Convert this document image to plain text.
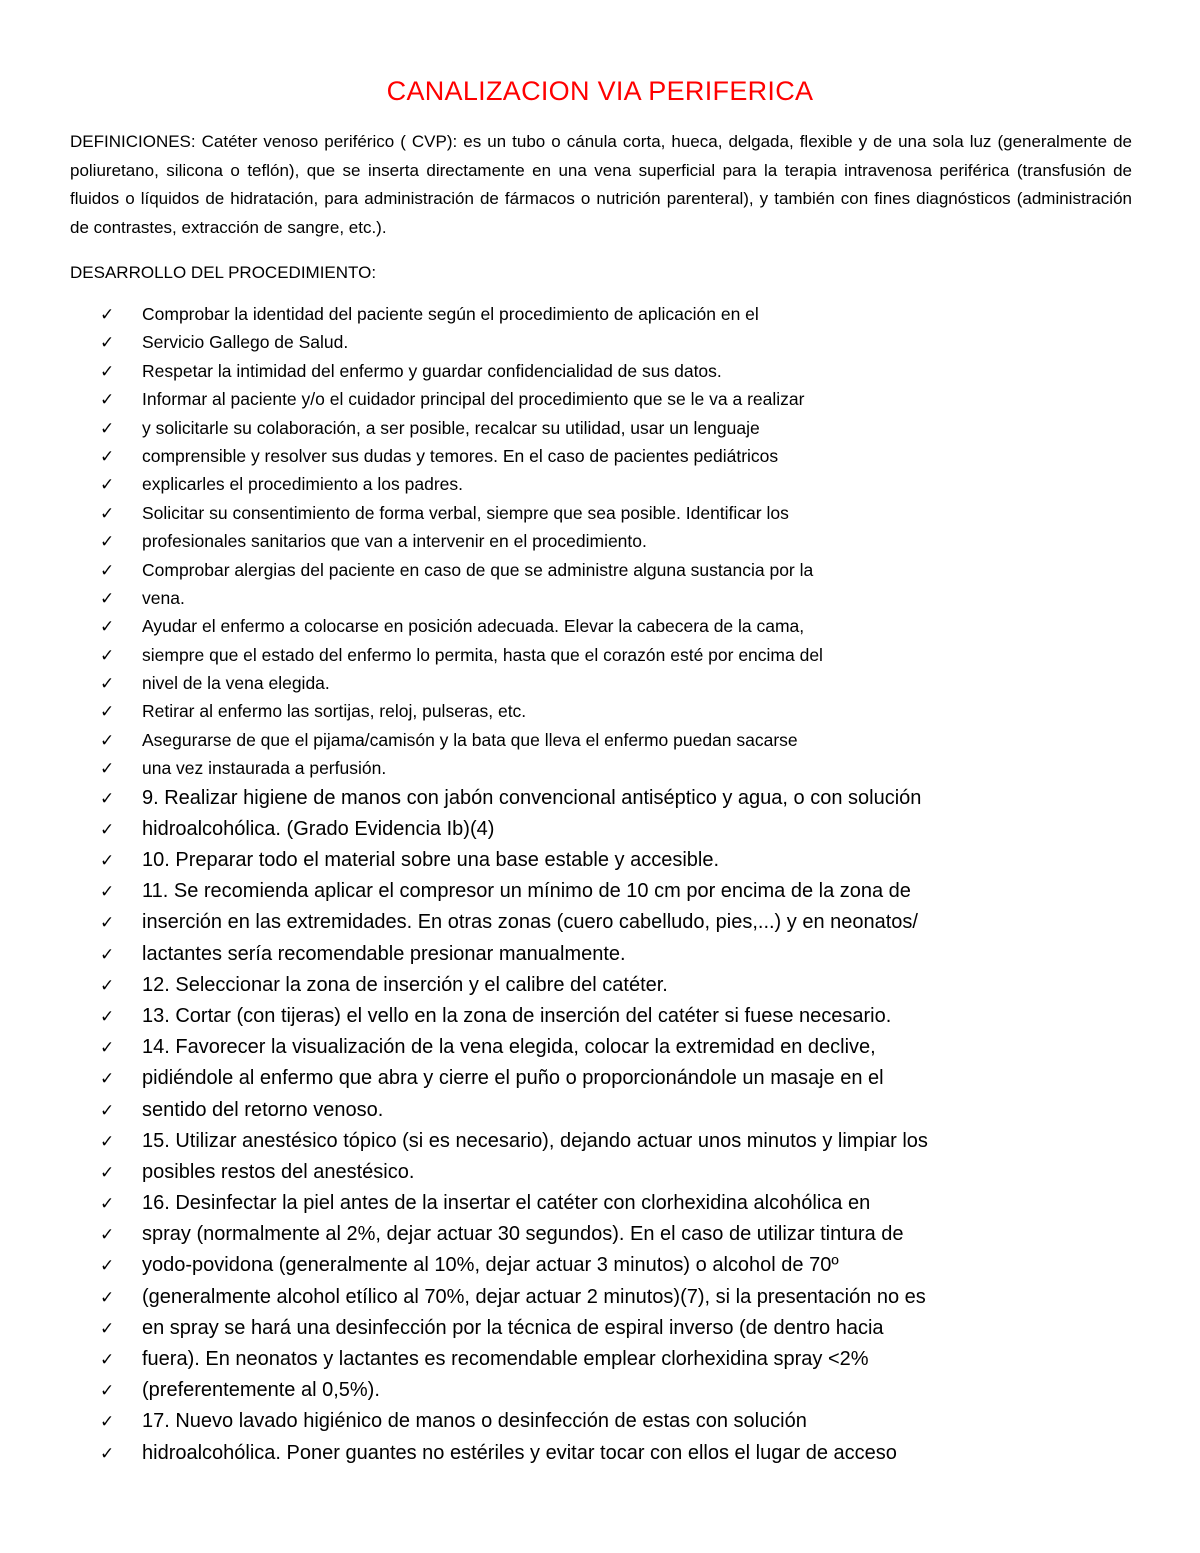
CANALIZACION VIA PERIFERICA
DEFINICIONES: Catéter venoso periférico ( CVP): es un tubo o cánula corta, hueca, delgada, flexible y de una sola luz (generalmente de poliuretano, silicona o teflón), que se inserta directamente en una vena superficial para la terapia intravenosa periférica (transfusión de fluidos o líquidos de hidratación, para administración de fármacos o nutrición parenteral), y también con fines diagnósticos (administración de contrastes, extracción de sangre, etc.).
DESARROLLO DEL PROCEDIMIENTO:
✓	Comprobar la identidad del paciente según el procedimiento de aplicación en el
✓	Servicio Gallego de Salud.
✓	Respetar la intimidad del enfermo y guardar confidencialidad de sus datos.
✓	Informar al paciente y/o el cuidador principal del procedimiento que se le va a realizar
✓	y solicitarle su colaboración, a ser posible, recalcar su utilidad, usar un lenguaje
✓	comprensible y resolver sus dudas y temores. En el caso de pacientes pediátricos
✓	explicarles el procedimiento a los padres.
✓	Solicitar su consentimiento de forma verbal, siempre que sea posible. Identificar los
✓	profesionales sanitarios que van a intervenir en el procedimiento.
✓	Comprobar alergias del paciente en caso de que se administre alguna sustancia por la
✓	vena.
✓	Ayudar el enfermo a colocarse en posición adecuada. Elevar la cabecera de la cama,
✓	siempre que el estado del enfermo lo permita, hasta que el corazón esté por encima del
✓	nivel de la vena elegida.
✓	Retirar al enfermo las sortijas, reloj, pulseras, etc.
✓	Asegurarse de que el pijama/camisón y la bata que lleva el enfermo puedan sacarse
✓	una vez instaurada a perfusión.
✓	9. Realizar higiene de manos con jabón convencional antiséptico y agua, o con solución
✓	hidroalcohólica. (Grado Evidencia Ib)(4)
✓	10. Preparar todo el material sobre una base estable y accesible.
✓	11. Se recomienda aplicar el compresor un mínimo de 10 cm por encima de la zona de
✓	inserción en las extremidades. En otras zonas (cuero cabelludo, pies,...) y en neonatos/
✓	lactantes sería recomendable presionar manualmente.
✓	12. Seleccionar la zona de inserción y el calibre del catéter.
✓	13. Cortar (con tijeras) el vello en la zona de inserción del catéter si fuese necesario.
✓	14. Favorecer la visualización de la vena elegida, colocar la extremidad en declive,
✓	pidiéndole al enfermo que abra y cierre el puño o proporcionándole un masaje en el
✓	sentido del retorno venoso.
✓	15. Utilizar anestésico tópico (si es necesario), dejando actuar unos minutos y limpiar los
✓	posibles restos del anestésico.
✓	16. Desinfectar la piel antes de la insertar el catéter con clorhexidina alcohólica en
✓	spray (normalmente al 2%, dejar actuar 30 segundos). En el caso de utilizar tintura de
✓	yodo-povidona (generalmente al 10%, dejar actuar 3 minutos) o alcohol de 70º
✓	(generalmente alcohol etílico al 70%, dejar actuar 2 minutos)(7), si la presentación no es
✓	en spray se hará una desinfección por la técnica de espiral inverso (de dentro hacia
✓	fuera). En neonatos y lactantes es recomendable emplear clorhexidina spray <2%
✓	(preferentemente al 0,5%).
✓	17. Nuevo lavado higiénico de manos o desinfección de estas con solución
✓	hidroalcohólica. Poner guantes no estériles y evitar tocar con ellos el lugar de acceso
